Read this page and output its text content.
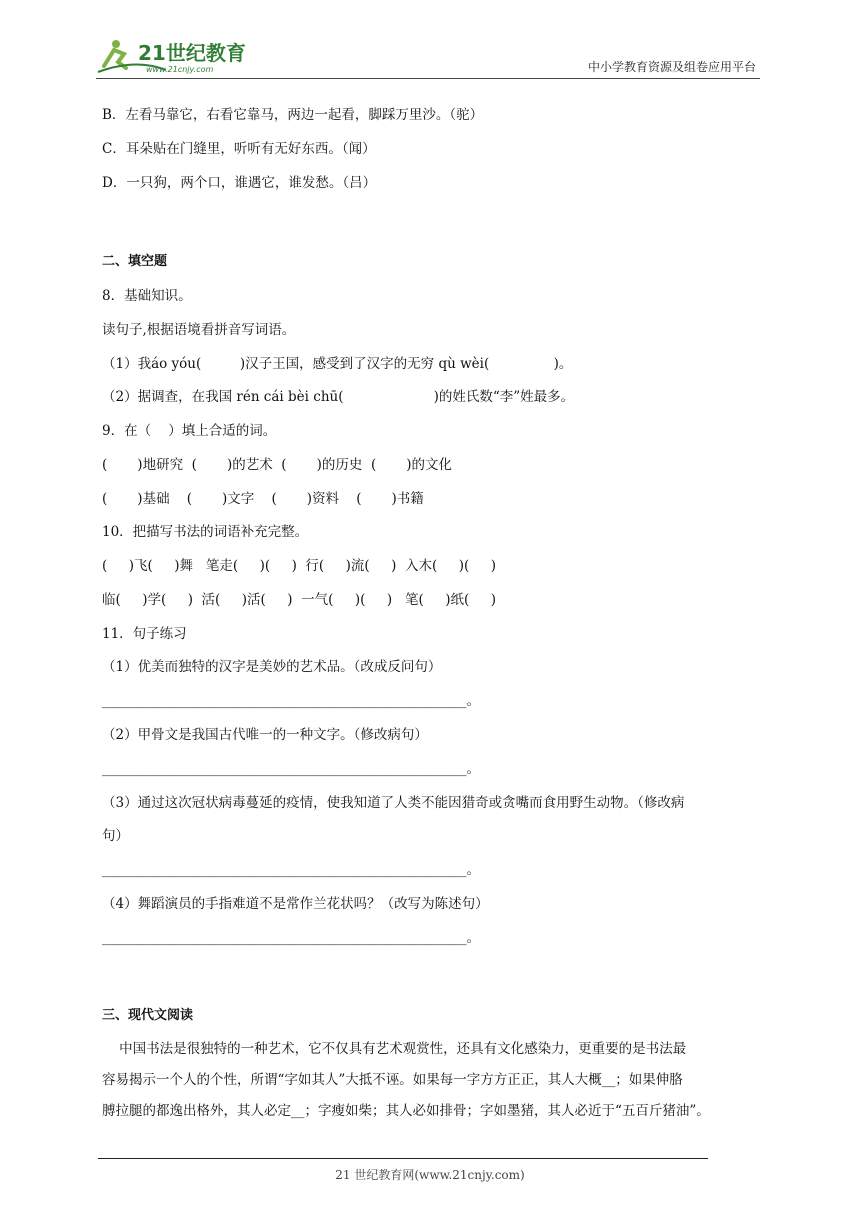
21世纪教育
www.21cnjy.com	中小学教育资源及组卷应用平台
B．左看马靠它，右看它靠马，两边一起看，脚踩万里沙。（驼）
C．耳朵贴在门缝里，听听有无好东西。（闻）
D．一只狗，两个口，谁遇它，谁发愁。（吕）
二、填空题
8．基础知识。
读句子,根据语境看拼音写词语。
（1）我áo yóu(         )汉子王国，感受到了汉字的无穷 qù wèi(               )。
（2）据调查，在我国 rén cái bèi chū(                     )的姓氏数“李”姓最多。
9．在（    ）填上合适的词。
(       )地研究  (       )的艺术  (       )的历史  (       )的文化
(       )基础    (       )文字    (       )资料    (       )书籍
10．把描写书法的词语补充完整。
(     )飞(     )舞   笔走(     )(     )  行(     )流(     )  入木(     )(     )
临(     )学(     )  活(     )活(     )  一气(     )(     )   笔(     )纸(     )
11．句子练习
（1）优美而独特的汉字是美妙的艺术品。（改成反问句）
______________________________________________________。
（2）甲骨文是我国古代唯一的一种文字。（修改病句）
______________________________________________________。
（3）通过这次冠状病毒蔓延的疫情，使我知道了人类不能因猎奇或贪嘴而食用野生动物。（修改病
句）
______________________________________________________。
（4）舞蹈演员的手指难道不是常作兰花状吗？（改写为陈述句）
______________________________________________________。
三、现代文阅读
中国书法是很独特的一种艺术，它不仅具有艺术观赏性，还具有文化感染力，更重要的是书法最
容易揭示一个人的个性，所谓“字如其人”大抵不诬。如果每一字方方正正，其人大概__；如果伸胳
膊拉腿的都逸出格外，其人必定__；字瘦如柴；其人必如排骨；字如墨猪，其人必近于“五百斤猪油”。
21 世纪教育网(www.21cnjy.com)
